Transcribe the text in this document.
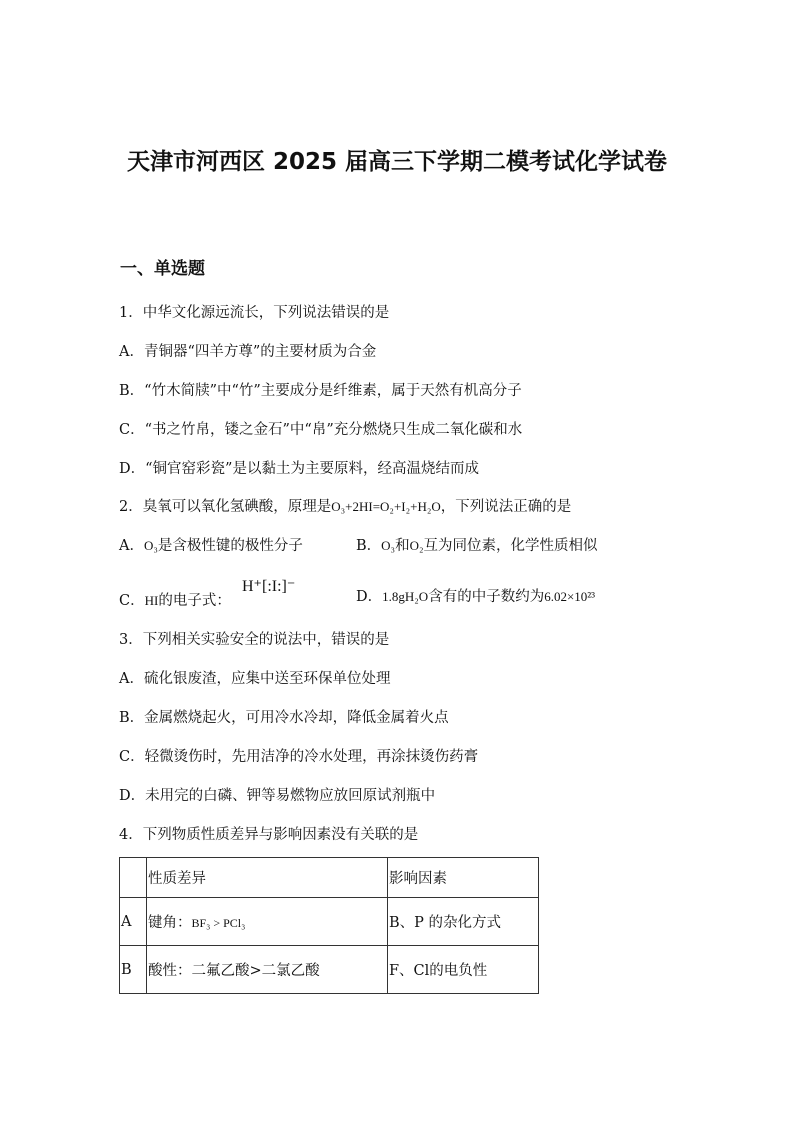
天津市河西区 2025 届高三下学期二模考试化学试卷
一、单选题
1．中华文化源远流长，下列说法错误的是
A．青铜器“四羊方尊”的主要材质为合金
B．“竹木简牍”中“竹”主要成分是纤维素，属于天然有机高分子
C．“书之竹帛，镂之金石”中“帛”充分燃烧只生成二氧化碳和水
D．“铜官窑彩瓷”是以黏土为主要原料，经高温烧结而成
2．臭氧可以氧化氢碘酸，原理是O₃+2HI=O₂+I₂+H₂O，下列说法正确的是
A．O₃是含极性键的极性分子	B．O₃和O₂互为同位素，化学性质相似
C．HI的电子式：
H⁺[:I:]⁻
D．1.8gH₂O含有的中子数约为6.02×10²³
3．下列相关实验安全的说法中，错误的是
A．硫化银废渣，应集中送至环保单位处理
B．金属燃烧起火，可用冷水冷却，降低金属着火点
C．轻微烫伤时，先用洁净的冷水处理，再涂抹烫伤药膏
D．未用完的白磷、钾等易燃物应放回原试剂瓶中
4．下列物质性质差异与影响因素没有关联的是
	性质差异	影响因素
A	键角：BF₃ > PCl₃	B、P 的杂化方式
B	酸性：二氟乙酸>二氯乙酸	F、Cl的电负性
